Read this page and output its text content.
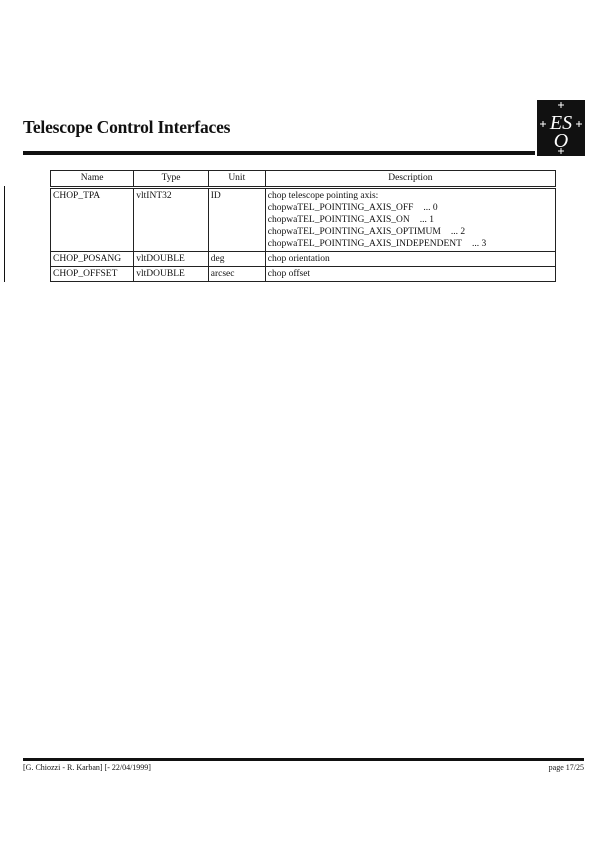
Telescope Control Interfaces	ES
O
Name	Type	Unit	Description
CHOP_TPA	vltINT32	ID	chop telescope pointing axis:
chopwaTEL_POINTING_AXIS_OFF ... 0
chopwaTEL_POINTING_AXIS_ON ... 1
chopwaTEL_POINTING_AXIS_OPTIMUM ... 2
chopwaTEL_POINTING_AXIS_INDEPENDENT ... 3

CHOP_POSANG	vltDOUBLE	deg	chop orientation

CHOP_OFFSET	vltDOUBLE	arcsec	chop offset
[G. Chiozzi - R. Karban] [- 22/04/1999]	page 17/25
